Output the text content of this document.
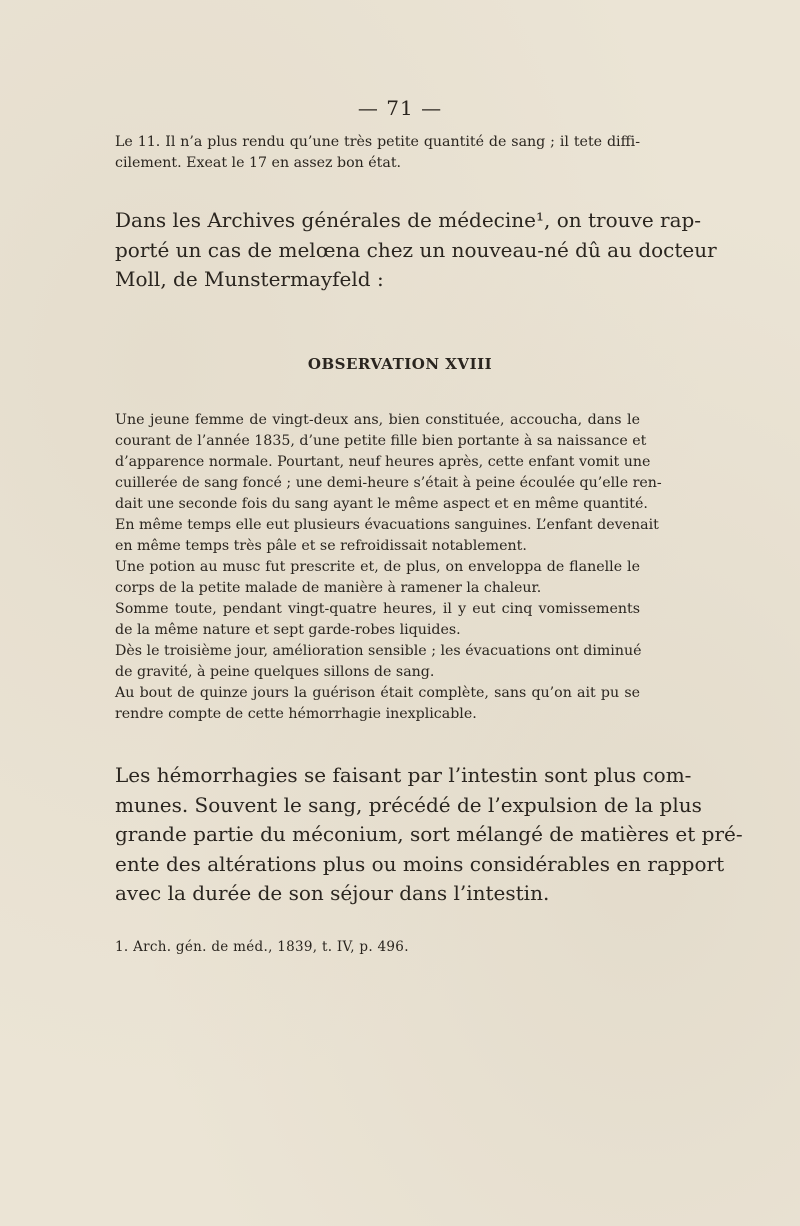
— 71 —
Le 11. Il n’a plus rendu qu’une très petite quantité de sang ; il tete diffi-
cilement. Exeat le 17 en assez bon état.
Dans les Archives générales de médecine¹, on trouve rap-
porté un cas de melœna chez un nouveau-né dû au docteur
Moll, de Munstermayfeld :
OBSERVATION XVIII
Une jeune femme de vingt-deux ans, bien constituée, accoucha, dans le
courant de l’année 1835, d’une petite fille bien portante à sa naissance et
d’apparence normale. Pourtant, neuf heures après, cette enfant vomit une
cuillerée de sang foncé ; une demi-heure s’était à peine écoulée qu’elle ren-
dait une seconde fois du sang ayant le même aspect et en même quantité.
En même temps elle eut plusieurs évacuations sanguines. L’enfant devenait
en même temps très pâle et se refroidissait notablement.
Une potion au musc fut prescrite et, de plus, on enveloppa de flanelle le
corps de la petite malade de manière à ramener la chaleur.
Somme toute, pendant vingt-quatre heures, il y eut cinq vomissements
de la même nature et sept garde-robes liquides.
Dès le troisième jour, amélioration sensible ; les évacuations ont diminué
de gravité, à peine quelques sillons de sang.
Au bout de quinze jours la guérison était complète, sans qu’on ait pu se
rendre compte de cette hémorrhagie inexplicable.
Les hémorrhagies se faisant par l’intestin sont plus com-
munes. Souvent le sang, précédé de l’expulsion de la plus
grande partie du méconium, sort mélangé de matières et pré-
ente des altérations plus ou moins considérables en rapport
avec la durée de son séjour dans l’intestin.
1. Arch. gén. de méd., 1839, t. IV, p. 496.
